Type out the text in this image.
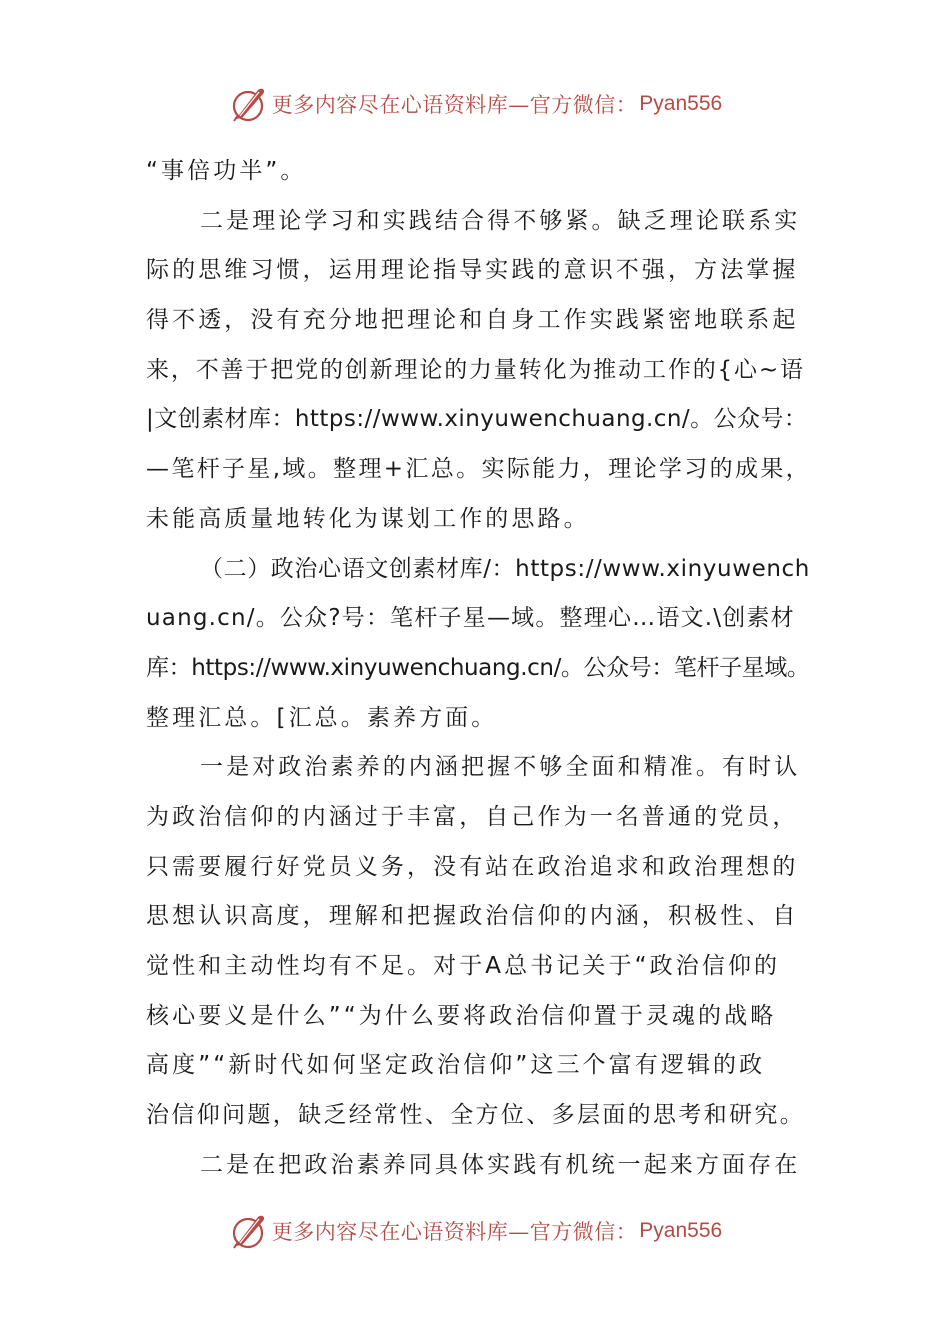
更多内容尽在心语资料库—官方微信： Pyan556
“事倍功半”。
二是理论学习和实践结合得不够紧。缺乏理论联系实
际的思维习惯，运用理论指导实践的意识不强，方法掌握
得不透，没有充分地把理论和自身工作实践紧密地联系起
来，不善于把党的创新理论的力量转化为推动工作的{心~语
|文创素材库：https://www.xinyuwenchuang.cn/。公众号：
—笔杆子星,域。整理+汇总。实际能力，理论学习的成果，
未能高质量地转化为谋划工作的思路。
（二）政治心语文创素材库/：https://www.xinyuwench
uang.cn/。公众?号：笔杆子星—域。整理心…语文.\创素材
库：https://www.xinyuwenchuang.cn/。公众号：笔杆子星域。
整理汇总。[汇总。素养方面。
一是对政治素养的内涵把握不够全面和精准。有时认
为政治信仰的内涵过于丰富，自己作为一名普通的党员，
只需要履行好党员义务，没有站在政治追求和政治理想的
思想认识高度，理解和把握政治信仰的内涵，积极性、自
觉性和主动性均有不足。对于A总书记关于“政治信仰的
核心要义是什么”“为什么要将政治信仰置于灵魂的战略
高度”“新时代如何坚定政治信仰”这三个富有逻辑的政
治信仰问题，缺乏经常性、全方位、多层面的思考和研究。
二是在把政治素养同具体实践有机统一起来方面存在
更多内容尽在心语资料库—官方微信： Pyan556
